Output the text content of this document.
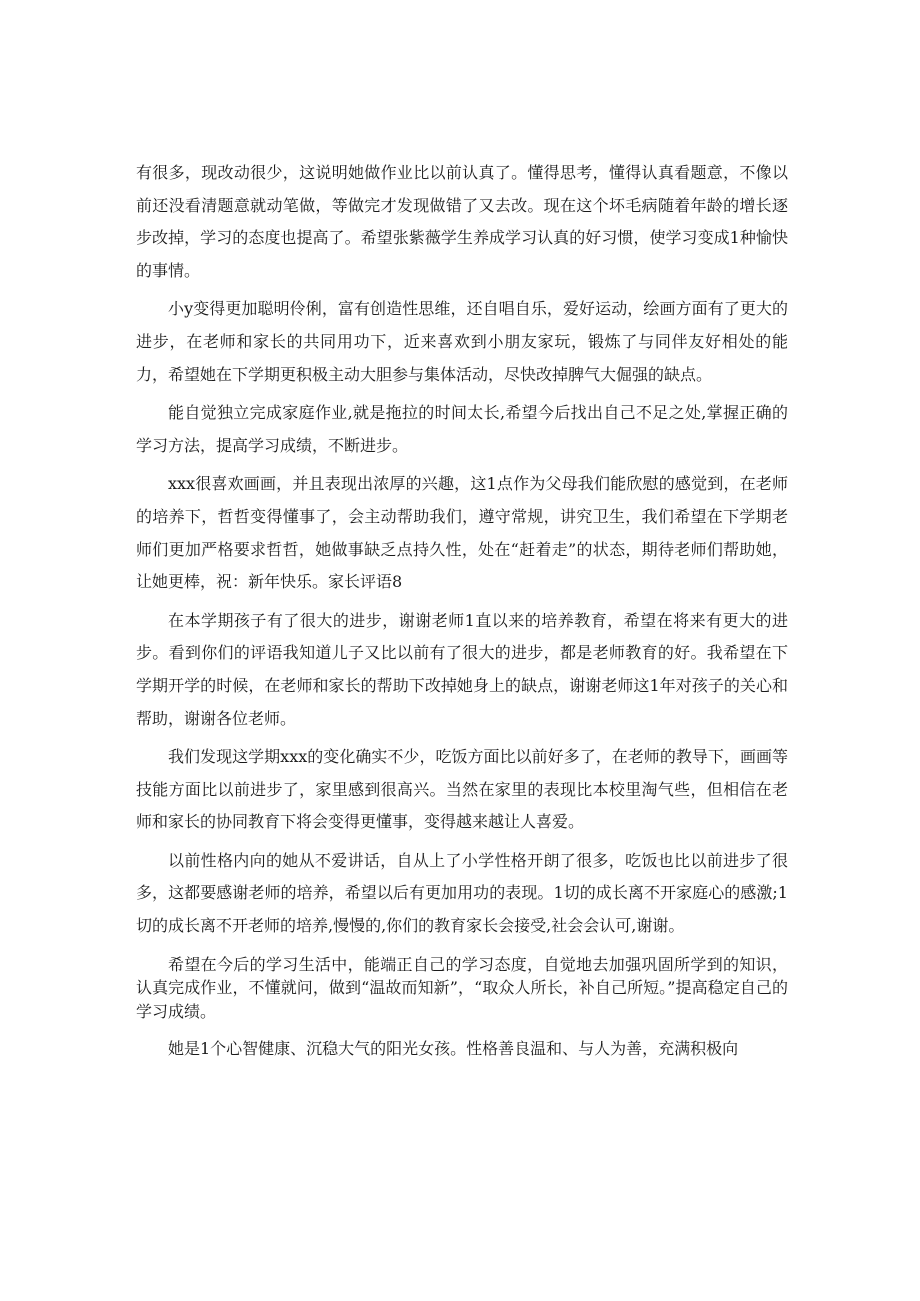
有很多，现改动很少，这说明她做作业比以前认真了。懂得思考，懂得认真看题意，不像以前还没看清题意就动笔做，等做完才发现做错了又去改。现在这个坏毛病随着年龄的增长逐步改掉，学习的态度也提高了。希望张紫薇学生养成学习认真的好习惯，使学习变成1种愉快的事情。

小y变得更加聪明伶俐，富有创造性思维，还自唱自乐，爱好运动，绘画方面有了更大的进步，在老师和家长的共同用功下，近来喜欢到小朋友家玩，锻炼了与同伴友好相处的能力，希望她在下学期更积极主动大胆参与集体活动，尽快改掉脾气大倔强的缺点。

能自觉独立完成家庭作业,就是拖拉的时间太长,希望今后找出自己不足之处,掌握正确的学习方法，提高学习成绩，不断进步。

xxx很喜欢画画，并且表现出浓厚的兴趣，这1点作为父母我们能欣慰的感觉到，在老师的培养下，哲哲变得懂事了，会主动帮助我们，遵守常规，讲究卫生，我们希望在下学期老师们更加严格要求哲哲，她做事缺乏点持久性，处在“赶着走”的状态，期待老师们帮助她，让她更棒，祝：新年快乐。家长评语8

在本学期孩子有了很大的进步，谢谢老师1直以来的培养教育，希望在将来有更大的进步。看到你们的评语我知道儿子又比以前有了很大的进步，都是老师教育的好。我希望在下学期开学的时候，在老师和家长的帮助下改掉她身上的缺点，谢谢老师这1年对孩子的关心和帮助，谢谢各位老师。

我们发现这学期xxx的变化确实不少，吃饭方面比以前好多了，在老师的教导下，画画等技能方面比以前进步了，家里感到很高兴。当然在家里的表现比本校里淘气些，但相信在老师和家长的协同教育下将会变得更懂事，变得越来越让人喜爱。

以前性格内向的她从不爱讲话，自从上了小学性格开朗了很多，吃饭也比以前进步了很多，这都要感谢老师的培养，希望以后有更加用功的表现。1切的成长离不开家庭心的感激;1切的成长离不开老师的培养,慢慢的,你们的教育家长会接受,社会会认可,谢谢。

希望在今后的学习生活中，能端正自己的学习态度，自觉地去加强巩固所学到的知识，认真完成作业，不懂就问，做到“温故而知新”，“取众人所长，补自己所短。”提高稳定自己的学习成绩。

她是1个心智健康、沉稳大气的阳光女孩。性格善良温和、与人为善，充满积极向
